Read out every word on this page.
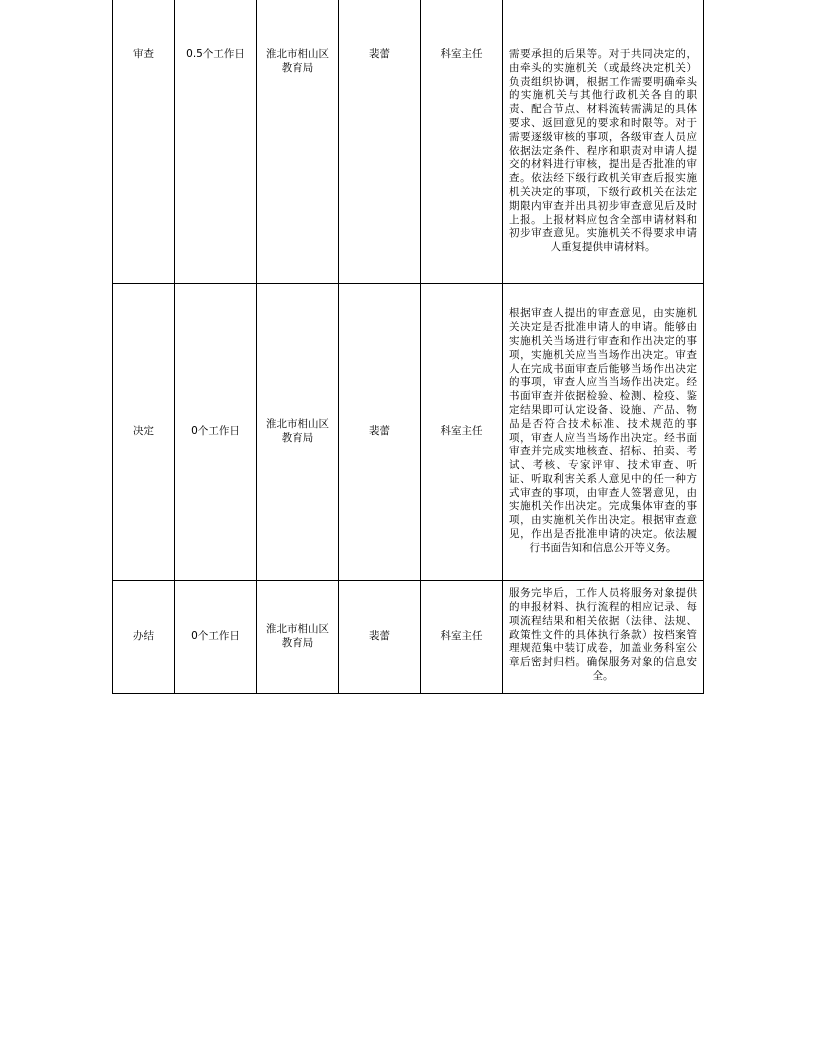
审查	0.5个工作日	淮北市相山区教育局	裴蕾	科室主任	需要承担的后果等。对于共同决定的，由牵头的实施机关（或最终决定机关）负责组织协调，根据工作需要明确牵头的实施机关与其他行政机关各自的职责、配合节点、材料流转需满足的具体要求、返回意见的要求和时限等。对于需要逐级审核的事项，各级审查人员应依据法定条件、程序和职责对申请人提交的材料进行审核，提出是否批准的审查。依法经下级行政机关审查后报实施机关决定的事项，下级行政机关在法定期限内审查并出具初步审查意见后及时上报。上报材料应包含全部申请材料和初步审查意见。实施机关不得要求申请人重复提供申请材料。

决定	0个工作日	淮北市相山区教育局	裴蕾	科室主任	根据审查人提出的审查意见，由实施机关决定是否批准申请人的申请。能够由实施机关当场进行审查和作出决定的事项，实施机关应当当场作出决定。审查人在完成书面审查后能够当场作出决定的事项，审查人应当当场作出决定。经书面审查并依据检验、检测、检疫、鉴定结果即可认定设备、设施、产品、物品是否符合技术标准、技术规范的事项，审查人应当当场作出决定。经书面审查并完成实地核查、招标、拍卖、考试、考核、专家评审、技术审查、听证、听取利害关系人意见中的任一种方式审查的事项，由审查人签署意见，由实施机关作出决定。完成集体审查的事项，由实施机关作出决定。根据审查意见，作出是否批准申请的决定。依法履行书面告知和信息公开等义务。

办结	0个工作日	淮北市相山区教育局	裴蕾	科室主任	服务完毕后，工作人员将服务对象提供的申报材料、执行流程的相应记录、每项流程结果和相关依据（法律、法规、政策性文件的具体执行条款）按档案管理规范集中装订成卷，加盖业务科室公章后密封归档。确保服务对象的信息安全。
